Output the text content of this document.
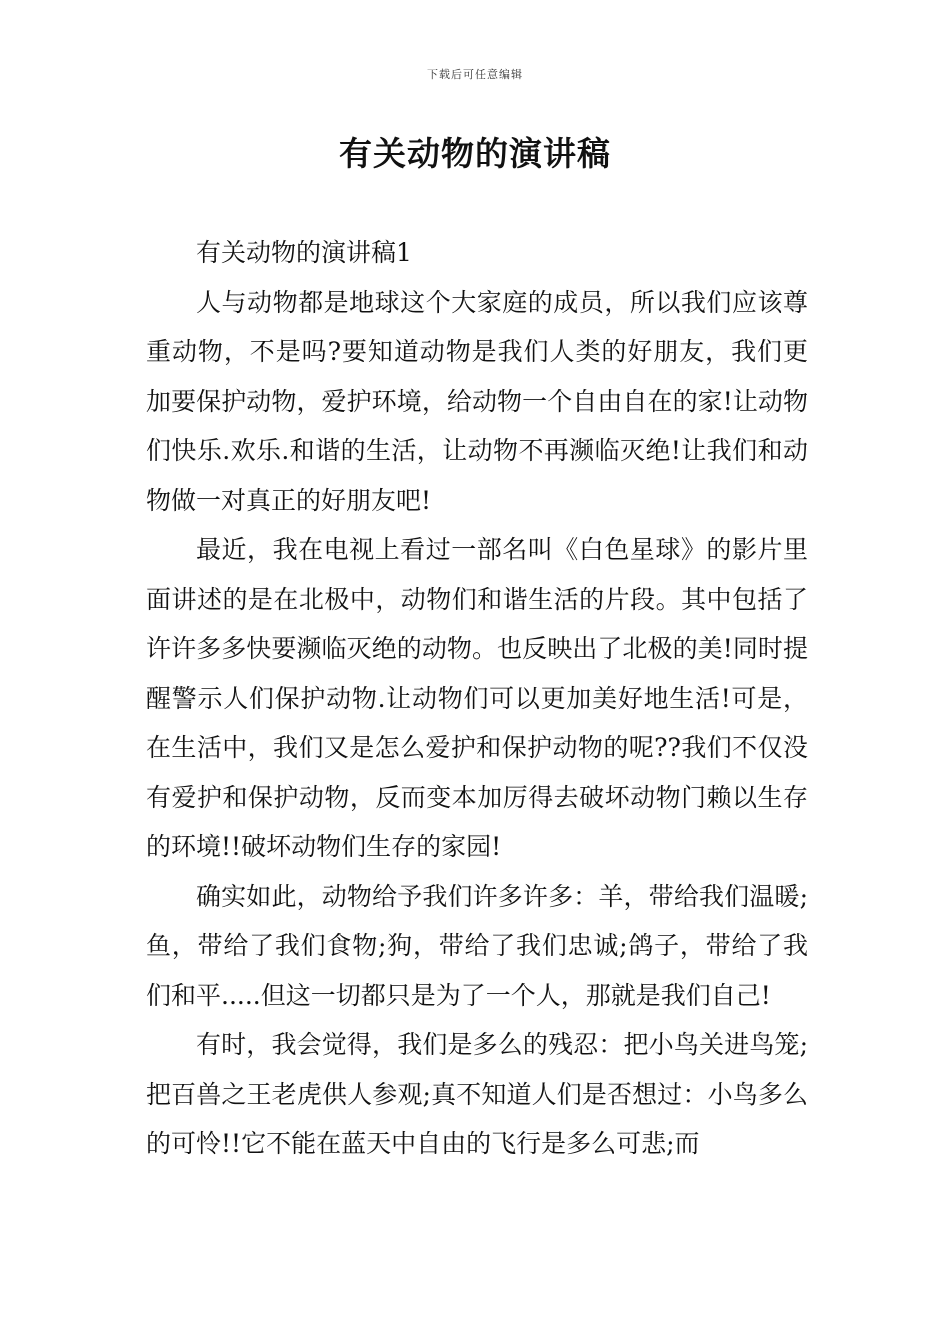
下载后可任意编辑
有关动物的演讲稿

有关动物的演讲稿1

人与动物都是地球这个大家庭的成员，所以我们应该尊重动物，不是吗?要知道动物是我们人类的好朋友，我们更加要保护动物，爱护环境，给动物一个自由自在的家!让动物们快乐.欢乐.和谐的生活，让动物不再濒临灭绝!让我们和动物做一对真正的好朋友吧!

最近，我在电视上看过一部名叫《白色星球》的影片里面讲述的是在北极中，动物们和谐生活的片段。其中包括了许许多多快要濒临灭绝的动物。也反映出了北极的美!同时提醒警示人们保护动物.让动物们可以更加美好地生活!可是，在生活中，我们又是怎么爱护和保护动物的呢??我们不仅没有爱护和保护动物，反而变本加厉得去破坏动物门赖以生存的环境!!破坏动物们生存的家园!

确实如此，动物给予我们许多许多：羊，带给我们温暖;鱼，带给了我们食物;狗，带给了我们忠诚;鸽子，带给了我们和平.....但这一切都只是为了一个人，那就是我们自己!

有时，我会觉得，我们是多么的残忍：把小鸟关进鸟笼;把百兽之王老虎供人参观;真不知道人们是否想过：小鸟多么的可怜!!它不能在蓝天中自由的飞行是多么可悲;而
